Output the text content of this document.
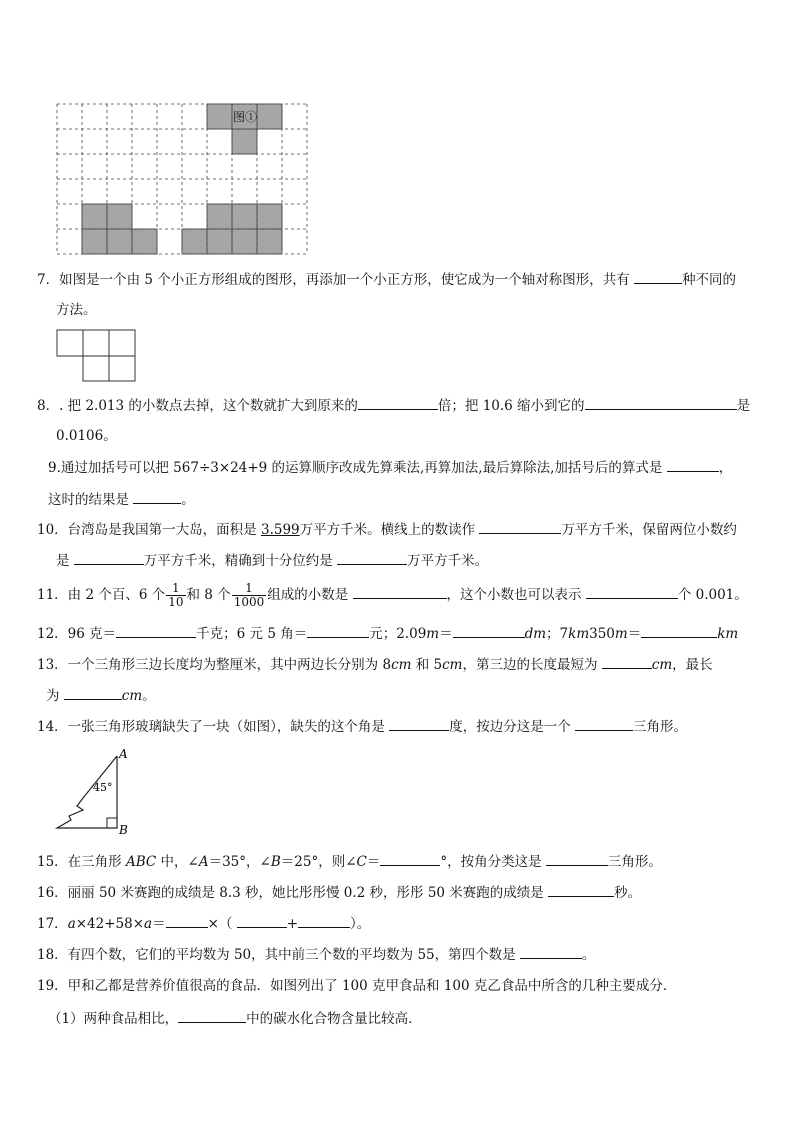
图①
7．如图是一个由 5 个小正方形组成的图形，再添加一个小正方形，使它成为一个轴对称图形，共有	种不同的
方法。
8．. 把 2.013 的小数点去掉，这个数就扩大到原来的	倍；把 10.6 缩小到它的	是
0.0106。
9.通过加括号可以把 567÷3×24+9 的运算顺序改成先算乘法,再算加法,最后算除法,加括号后的算式是	，
这时的结果是	。
10．台湾岛是我国第一大岛，面积是 3.599万平方千米。横线上的数读作	万平方千米，保留两位小数约
是	万平方千米，精确到十分位约是	万平方千米。
11．由 2 个百、6 个 $\frac{1}{10}$ 和 8 个 $\frac{1}{1000}$ 组成的小数是	，这个小数也可以表示	个 0.001。
12．96 克＝	千克；6 元 5 角＝	元；2.09m＝	dm；7km350m＝	km
13．一个三角形三边长度均为整厘米，其中两边长分别为 8cm 和 5cm，第三边的长度最短为	cm，最长
为	cm。
14．一张三角形玻璃缺失了一块（如图），缺失的这个角是	度，按边分这是一个	三角形。
A
B
45°
15．在三角形 ABC 中，∠A＝35°，∠B＝25°，则∠C＝	°，按角分类这是	三角形。
16．丽丽 50 米赛跑的成绩是 8.3 秒，她比彤彤慢 0.2 秒，彤彤 50 米赛跑的成绩是	秒。
17．a×42+58×a＝	×（	+	）。
18．有四个数，它们的平均数为 50，其中前三个数的平均数为 55，第四个数是	。
19．甲和乙都是营养价值很高的食品．如图列出了 100 克甲食品和 100 克乙食品中所含的几种主要成分．
（1）两种食品相比，	中的碳水化合物含量比较高．
